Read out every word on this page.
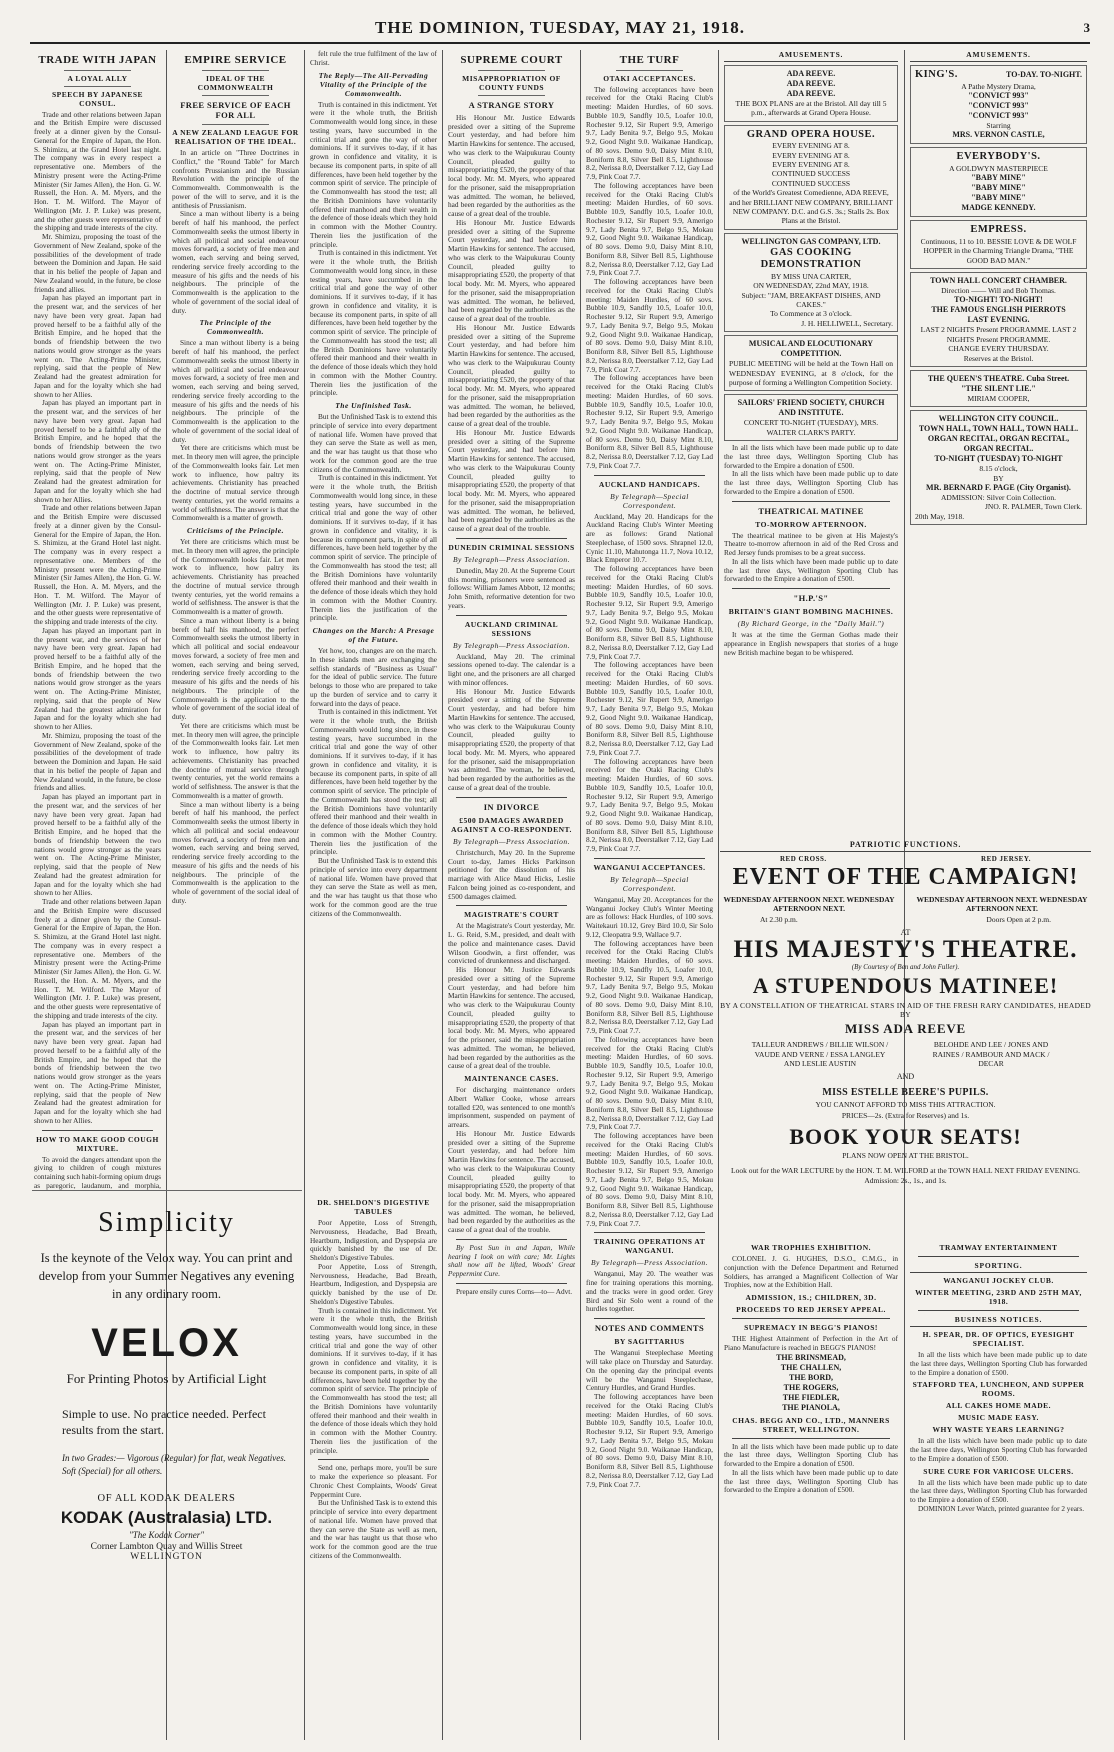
THE DOMINION, TUESDAY, MAY 21, 1918.	3
TRADE WITH JAPAN
A LOYAL ALLY
SPEECH BY JAPANESE CONSUL.

Trade and other relations between Japan and the British Empire were discussed freely at a dinner given by the Consul-General for the Empire of Japan, the Hon. S. Shimizu, at the Grand Hotel last night. The company was in every respect a representative one. Members of the Ministry present were the Acting-Prime Minister (Sir James Allen), the Hon. G. W. Russell, the Hon. A. M. Myers, and the Hon. T. M. Wilford. The Mayor of Wellington (Mr. J. P. Luke) was present, and the other guests were representative of the shipping and trade interests of the city.

Mr. Shimizu, proposing the toast of the Government of New Zealand, spoke of the possibilities of the development of trade between the Dominion and Japan. He said that in his belief the people of Japan and New Zealand would, in the future, be close friends and allies.

Japan has played an important part in the present war, and the services of her navy have been very great. Japan had proved herself to be a faithful ally of the British Empire, and he hoped that the bonds of friendship between the two nations would grow stronger as the years went on. The Acting-Prime Minister, replying, said that the people of New Zealand had the greatest admiration for Japan and for the loyalty which she had shown to her Allies.

Japan has played an important part in the present war, and the services of her navy have been very great. Japan had proved herself to be a faithful ally of the British Empire, and he hoped that the bonds of friendship between the two nations would grow stronger as the years went on. The Acting-Prime Minister, replying, said that the people of New Zealand had the greatest admiration for Japan and for the loyalty which she had shown to her Allies.

Trade and other relations between Japan and the British Empire were discussed freely at a dinner given by the Consul-General for the Empire of Japan, the Hon. S. Shimizu, at the Grand Hotel last night. The company was in every respect a representative one. Members of the Ministry present were the Acting-Prime Minister (Sir James Allen), the Hon. G. W. Russell, the Hon. A. M. Myers, and the Hon. T. M. Wilford. The Mayor of Wellington (Mr. J. P. Luke) was present, and the other guests were representative of the shipping and trade interests of the city.

Japan has played an important part in the present war, and the services of her navy have been very great. Japan had proved herself to be a faithful ally of the British Empire, and he hoped that the bonds of friendship between the two nations would grow stronger as the years went on. The Acting-Prime Minister, replying, said that the people of New Zealand had the greatest admiration for Japan and for the loyalty which she had shown to her Allies.

Mr. Shimizu, proposing the toast of the Government of New Zealand, spoke of the possibilities of the development of trade between the Dominion and Japan. He said that in his belief the people of Japan and New Zealand would, in the future, be close friends and allies.

Japan has played an important part in the present war, and the services of her navy have been very great. Japan had proved herself to be a faithful ally of the British Empire, and he hoped that the bonds of friendship between the two nations would grow stronger as the years went on. The Acting-Prime Minister, replying, said that the people of New Zealand had the greatest admiration for Japan and for the loyalty which she had shown to her Allies.

Trade and other relations between Japan and the British Empire were discussed freely at a dinner given by the Consul-General for the Empire of Japan, the Hon. S. Shimizu, at the Grand Hotel last night. The company was in every respect a representative one. Members of the Ministry present were the Acting-Prime Minister (Sir James Allen), the Hon. G. W. Russell, the Hon. A. M. Myers, and the Hon. T. M. Wilford. The Mayor of Wellington (Mr. J. P. Luke) was present, and the other guests were representative of the shipping and trade interests of the city.

Japan has played an important part in the present war, and the services of her navy have been very great. Japan had proved herself to be a faithful ally of the British Empire, and he hoped that the bonds of friendship between the two nations would grow stronger as the years went on. The Acting-Prime Minister, replying, said that the people of New Zealand had the greatest admiration for Japan and for the loyalty which she had shown to her Allies.

HOW TO MAKE GOOD COUGH MIXTURE.

To avoid the dangers attendant upon the giving to children of cough mixtures containing such habit-forming opium drugs as paregoric, laudanum, and morphia,

EMPIRE SERVICE
IDEAL OF THE COMMONWEALTH
FREE SERVICE OF EACH FOR ALL
A NEW ZEALAND LEAGUE FOR REALISATION OF THE IDEAL.

In an article on "Three Doctrines in Conflict," the "Round Table" for March confronts Prussianism and the Russian Revolution with the principle of the Commonwealth. Commonwealth is the power of the will to serve, and it is the antithesis of Prussianism.

Since a man without liberty is a being bereft of half his manhood, the perfect Commonwealth seeks the utmost liberty in which all political and social endeavour moves forward, a society of free men and women, each serving and being served, rendering service freely according to the measure of his gifts and the needs of his neighbours. The principle of the Commonwealth is the application to the whole of government of the social ideal of duty.

The Principle of the Commonwealth.

Since a man without liberty is a being bereft of half his manhood, the perfect Commonwealth seeks the utmost liberty in which all political and social endeavour moves forward, a society of free men and women, each serving and being served, rendering service freely according to the measure of his gifts and the needs of his neighbours. The principle of the Commonwealth is the application to the whole of government of the social ideal of duty.

Yet there are criticisms which must be met. In theory men will agree, the principle of the Commonwealth looks fair. Let men work to influence, how paltry its achievements. Christianity has preached the doctrine of mutual service through twenty centuries, yet the world remains a world of selfishness. The answer is that the Commonwealth is a matter of growth.

Criticisms of the Principle.

Yet there are criticisms which must be met. In theory men will agree, the principle of the Commonwealth looks fair. Let men work to influence, how paltry its achievements. Christianity has preached the doctrine of mutual service through twenty centuries, yet the world remains a world of selfishness. The answer is that the Commonwealth is a matter of growth.

Since a man without liberty is a being bereft of half his manhood, the perfect Commonwealth seeks the utmost liberty in which all political and social endeavour moves forward, a society of free men and women, each serving and being served, rendering service freely according to the measure of his gifts and the needs of his neighbours. The principle of the Commonwealth is the application to the whole of government of the social ideal of duty.

Yet there are criticisms which must be met. In theory men will agree, the principle of the Commonwealth looks fair. Let men work to influence, how paltry its achievements. Christianity has preached the doctrine of mutual service through twenty centuries, yet the world remains a world of selfishness. The answer is that the Commonwealth is a matter of growth.

Since a man without liberty is a being bereft of half his manhood, the perfect Commonwealth seeks the utmost liberty in which all political and social endeavour moves forward, a society of free men and women, each serving and being served, rendering service freely according to the measure of his gifts and the needs of his neighbours. The principle of the Commonwealth is the application to the whole of government of the social ideal of duty.

felt rule the true fulfilment of the law of Christ.

The Reply—The All-Pervading Vitality of the Principle of the Commonwealth.

Truth is contained in this indictment. Yet were it the whole truth, the British Commonwealth would long since, in these testing years, have succumbed in the critical trial and gone the way of other dominions. If it survives to-day, if it has grown in confidence and vitality, it is because its component parts, in spite of all differences, have been held together by the common spirit of service. The principle of the Commonwealth has stood the test; all the British Dominions have voluntarily offered their manhood and their wealth in the defence of those ideals which they hold in common with the Mother Country. Therein lies the justification of the principle.

Truth is contained in this indictment. Yet were it the whole truth, the British Commonwealth would long since, in these testing years, have succumbed in the critical trial and gone the way of other dominions. If it survives to-day, if it has grown in confidence and vitality, it is because its component parts, in spite of all differences, have been held together by the common spirit of service. The principle of the Commonwealth has stood the test; all the British Dominions have voluntarily offered their manhood and their wealth in the defence of those ideals which they hold in common with the Mother Country. Therein lies the justification of the principle.

The Unfinished Task.

But the Unfinished Task is to extend this principle of service into every department of national life. Women have proved that they can serve the State as well as men, and the war has taught us that those who work for the common good are the true citizens of the Commonwealth.

Truth is contained in this indictment. Yet were it the whole truth, the British Commonwealth would long since, in these testing years, have succumbed in the critical trial and gone the way of other dominions. If it survives to-day, if it has grown in confidence and vitality, it is because its component parts, in spite of all differences, have been held together by the common spirit of service. The principle of the Commonwealth has stood the test; all the British Dominions have voluntarily offered their manhood and their wealth in the defence of those ideals which they hold in common with the Mother Country. Therein lies the justification of the principle.

Changes on the March: A Presage of the Future.

Yet how, too, changes are on the march. In these islands men are exchanging the selfish standards of "Business as Usual" for the ideal of public service. The future belongs to those who are prepared to take up the burden of service and to carry it forward into the days of peace.

Truth is contained in this indictment. Yet were it the whole truth, the British Commonwealth would long since, in these testing years, have succumbed in the critical trial and gone the way of other dominions. If it survives to-day, if it has grown in confidence and vitality, it is because its component parts, in spite of all differences, have been held together by the common spirit of service. The principle of the Commonwealth has stood the test; all the British Dominions have voluntarily offered their manhood and their wealth in the defence of those ideals which they hold in common with the Mother Country. Therein lies the justification of the principle.

But the Unfinished Task is to extend this principle of service into every department of national life. Women have proved that they can serve the State as well as men, and the war has taught us that those who work for the common good are the true citizens of the Commonwealth.

Simplicity
Is the keynote of the Velox way. You can print and develop from your Summer Negatives any evening in any ordinary room.
VELOX
For Printing Photos by Artificial Light
Simple to use. No practice needed. Perfect results from the start.
In two Grades:— Vigorous (Regular) for flat, weak Negatives. Soft (Special) for all others.
OF ALL KODAK DEALERS
KODAK (Australasia) LTD.
"The Kodak Corner"
Corner Lambton Quay and Willis Street
WELLINGTON
DR. SHELDON'S DIGESTIVE TABULES

Poor Appetite, Loss of Strength, Nervousness, Headache, Bad Breath, Heartburn, Indigestion, and Dyspepsia are quickly banished by the use of Dr. Sheldon's Digestive Tabules.

Poor Appetite, Loss of Strength, Nervousness, Headache, Bad Breath, Heartburn, Indigestion, and Dyspepsia are quickly banished by the use of Dr. Sheldon's Digestive Tabules.

Truth is contained in this indictment. Yet were it the whole truth, the British Commonwealth would long since, in these testing years, have succumbed in the critical trial and gone the way of other dominions. If it survives to-day, if it has grown in confidence and vitality, it is because its component parts, in spite of all differences, have been held together by the common spirit of service. The principle of the Commonwealth has stood the test; all the British Dominions have voluntarily offered their manhood and their wealth in the defence of those ideals which they hold in common with the Mother Country. Therein lies the justification of the principle.

Send one, perhaps more, you'll be sure to make the experience so pleasant. For Chronic Chest Complaints, Woods' Great Peppermint Cure.

But the Unfinished Task is to extend this principle of service into every department of national life. Women have proved that they can serve the State as well as men, and the war has taught us that those who work for the common good are the true citizens of the Commonwealth.

SUPREME COURT
MISAPPROPRIATION OF COUNTY FUNDS
A STRANGE STORY

His Honour Mr. Justice Edwards presided over a sitting of the Supreme Court yesterday, and had before him Martin Hawkins for sentence. The accused, who was clerk to the Waipukurau County Council, pleaded guilty to misappropriating £520, the property of that local body. Mr. M. Myers, who appeared for the prisoner, said the misappropriation was admitted. The woman, he believed, had been regarded by the authorities as the cause of a great deal of the trouble.

His Honour Mr. Justice Edwards presided over a sitting of the Supreme Court yesterday, and had before him Martin Hawkins for sentence. The accused, who was clerk to the Waipukurau County Council, pleaded guilty to misappropriating £520, the property of that local body. Mr. M. Myers, who appeared for the prisoner, said the misappropriation was admitted. The woman, he believed, had been regarded by the authorities as the cause of a great deal of the trouble.

His Honour Mr. Justice Edwards presided over a sitting of the Supreme Court yesterday, and had before him Martin Hawkins for sentence. The accused, who was clerk to the Waipukurau County Council, pleaded guilty to misappropriating £520, the property of that local body. Mr. M. Myers, who appeared for the prisoner, said the misappropriation was admitted. The woman, he believed, had been regarded by the authorities as the cause of a great deal of the trouble.

His Honour Mr. Justice Edwards presided over a sitting of the Supreme Court yesterday, and had before him Martin Hawkins for sentence. The accused, who was clerk to the Waipukurau County Council, pleaded guilty to misappropriating £520, the property of that local body. Mr. M. Myers, who appeared for the prisoner, said the misappropriation was admitted. The woman, he believed, had been regarded by the authorities as the cause of a great deal of the trouble.

DUNEDIN CRIMINAL SESSIONS
By Telegraph—Press Association.

Dunedin, May 20. At the Supreme Court this morning, prisoners were sentenced as follows: William James Abbott, 12 months; John Smith, reformative detention for two years.

AUCKLAND CRIMINAL SESSIONS
By Telegraph—Press Association.

Auckland, May 20. The criminal sessions opened to-day. The calendar is a light one, and the prisoners are all charged with minor offences.

His Honour Mr. Justice Edwards presided over a sitting of the Supreme Court yesterday, and had before him Martin Hawkins for sentence. The accused, who was clerk to the Waipukurau County Council, pleaded guilty to misappropriating £520, the property of that local body. Mr. M. Myers, who appeared for the prisoner, said the misappropriation was admitted. The woman, he believed, had been regarded by the authorities as the cause of a great deal of the trouble.

IN DIVORCE
£500 DAMAGES AWARDED AGAINST A CO-RESPONDENT.
By Telegraph—Press Association.

Christchurch, May 20. In the Supreme Court to-day, James Hicks Parkinson petitioned for the dissolution of his marriage with Alice Maud Hicks, Leslie Falcon being joined as co-respondent, and £500 damages claimed.

MAGISTRATE'S COURT

At the Magistrate's Court yesterday, Mr. L. G. Reid, S.M., presided, and dealt with the police and maintenance cases. David Wilson Goodwin, a first offender, was convicted of drunkenness and discharged.

His Honour Mr. Justice Edwards presided over a sitting of the Supreme Court yesterday, and had before him Martin Hawkins for sentence. The accused, who was clerk to the Waipukurau County Council, pleaded guilty to misappropriating £520, the property of that local body. Mr. M. Myers, who appeared for the prisoner, said the misappropriation was admitted. The woman, he believed, had been regarded by the authorities as the cause of a great deal of the trouble.

MAINTENANCE CASES.

For discharging maintenance orders Albert Walker Cooke, whose arrears totalled £20, was sentenced to one month's imprisonment, suspended on payment of arrears.

His Honour Mr. Justice Edwards presided over a sitting of the Supreme Court yesterday, and had before him Martin Hawkins for sentence. The accused, who was clerk to the Waipukurau County Council, pleaded guilty to misappropriating £520, the property of that local body. Mr. M. Myers, who appeared for the prisoner, said the misappropriation was admitted. The woman, he believed, had been regarded by the authorities as the cause of a great deal of the trouble.

By Post Sun in and Japan, While hearing I look on with care; Mr. Lights shall now all be lifted, Woods' Great Peppermint Cure.

Prepare ensily cures Corns—to— Advt.

THE TURF
OTAKI ACCEPTANCES.

The following acceptances have been received for the Otaki Racing Club's meeting: Maiden Hurdles, of 60 sovs. Bubble 10.9, Sandfly 10.5, Loafer 10.0, Rochester 9.12, Sir Rupert 9.9, Amerigo 9.7, Lady Benita 9.7, Belgo 9.5, Mokau 9.2, Good Night 9.0. Waikanae Handicap, of 80 sovs. Demo 9.0, Daisy Mint 8.10, Boniform 8.8, Silver Bell 8.5, Lighthouse 8.2, Nerissa 8.0, Deerstalker 7.12, Gay Lad 7.9, Pink Coat 7.7.

The following acceptances have been received for the Otaki Racing Club's meeting: Maiden Hurdles, of 60 sovs. Bubble 10.9, Sandfly 10.5, Loafer 10.0, Rochester 9.12, Sir Rupert 9.9, Amerigo 9.7, Lady Benita 9.7, Belgo 9.5, Mokau 9.2, Good Night 9.0. Waikanae Handicap, of 80 sovs. Demo 9.0, Daisy Mint 8.10, Boniform 8.8, Silver Bell 8.5, Lighthouse 8.2, Nerissa 8.0, Deerstalker 7.12, Gay Lad 7.9, Pink Coat 7.7.

The following acceptances have been received for the Otaki Racing Club's meeting: Maiden Hurdles, of 60 sovs. Bubble 10.9, Sandfly 10.5, Loafer 10.0, Rochester 9.12, Sir Rupert 9.9, Amerigo 9.7, Lady Benita 9.7, Belgo 9.5, Mokau 9.2, Good Night 9.0. Waikanae Handicap, of 80 sovs. Demo 9.0, Daisy Mint 8.10, Boniform 8.8, Silver Bell 8.5, Lighthouse 8.2, Nerissa 8.0, Deerstalker 7.12, Gay Lad 7.9, Pink Coat 7.7.

The following acceptances have been received for the Otaki Racing Club's meeting: Maiden Hurdles, of 60 sovs. Bubble 10.9, Sandfly 10.5, Loafer 10.0, Rochester 9.12, Sir Rupert 9.9, Amerigo 9.7, Lady Benita 9.7, Belgo 9.5, Mokau 9.2, Good Night 9.0. Waikanae Handicap, of 80 sovs. Demo 9.0, Daisy Mint 8.10, Boniform 8.8, Silver Bell 8.5, Lighthouse 8.2, Nerissa 8.0, Deerstalker 7.12, Gay Lad 7.9, Pink Coat 7.7.

AUCKLAND HANDICAPS.
By Telegraph—Special Correspondent.

Auckland, May 20. Handicaps for the Auckland Racing Club's Winter Meeting are as follows: Grand National Steeplechase, of 1500 sovs. Shrapnel 12.0, Cynic 11.10, Mahutonga 11.7, Nova 10.12, Black Emperor 10.7.

The following acceptances have been received for the Otaki Racing Club's meeting: Maiden Hurdles, of 60 sovs. Bubble 10.9, Sandfly 10.5, Loafer 10.0, Rochester 9.12, Sir Rupert 9.9, Amerigo 9.7, Lady Benita 9.7, Belgo 9.5, Mokau 9.2, Good Night 9.0. Waikanae Handicap, of 80 sovs. Demo 9.0, Daisy Mint 8.10, Boniform 8.8, Silver Bell 8.5, Lighthouse 8.2, Nerissa 8.0, Deerstalker 7.12, Gay Lad 7.9, Pink Coat 7.7.

The following acceptances have been received for the Otaki Racing Club's meeting: Maiden Hurdles, of 60 sovs. Bubble 10.9, Sandfly 10.5, Loafer 10.0, Rochester 9.12, Sir Rupert 9.9, Amerigo 9.7, Lady Benita 9.7, Belgo 9.5, Mokau 9.2, Good Night 9.0. Waikanae Handicap, of 80 sovs. Demo 9.0, Daisy Mint 8.10, Boniform 8.8, Silver Bell 8.5, Lighthouse 8.2, Nerissa 8.0, Deerstalker 7.12, Gay Lad 7.9, Pink Coat 7.7.

The following acceptances have been received for the Otaki Racing Club's meeting: Maiden Hurdles, of 60 sovs. Bubble 10.9, Sandfly 10.5, Loafer 10.0, Rochester 9.12, Sir Rupert 9.9, Amerigo 9.7, Lady Benita 9.7, Belgo 9.5, Mokau 9.2, Good Night 9.0. Waikanae Handicap, of 80 sovs. Demo 9.0, Daisy Mint 8.10, Boniform 8.8, Silver Bell 8.5, Lighthouse 8.2, Nerissa 8.0, Deerstalker 7.12, Gay Lad 7.9, Pink Coat 7.7.

WANGANUI ACCEPTANCES.
By Telegraph—Special Correspondent.

Wanganui, May 20. Acceptances for the Wanganui Jockey Club's Winter Meeting are as follows: Hack Hurdles, of 100 sovs. Waitekauri 10.12, Grey Bird 10.0, Sir Solo 9.12, Cleopatra 9.9, Wallace 9.7.

The following acceptances have been received for the Otaki Racing Club's meeting: Maiden Hurdles, of 60 sovs. Bubble 10.9, Sandfly 10.5, Loafer 10.0, Rochester 9.12, Sir Rupert 9.9, Amerigo 9.7, Lady Benita 9.7, Belgo 9.5, Mokau 9.2, Good Night 9.0. Waikanae Handicap, of 80 sovs. Demo 9.0, Daisy Mint 8.10, Boniform 8.8, Silver Bell 8.5, Lighthouse 8.2, Nerissa 8.0, Deerstalker 7.12, Gay Lad 7.9, Pink Coat 7.7.

The following acceptances have been received for the Otaki Racing Club's meeting: Maiden Hurdles, of 60 sovs. Bubble 10.9, Sandfly 10.5, Loafer 10.0, Rochester 9.12, Sir Rupert 9.9, Amerigo 9.7, Lady Benita 9.7, Belgo 9.5, Mokau 9.2, Good Night 9.0. Waikanae Handicap, of 80 sovs. Demo 9.0, Daisy Mint 8.10, Boniform 8.8, Silver Bell 8.5, Lighthouse 8.2, Nerissa 8.0, Deerstalker 7.12, Gay Lad 7.9, Pink Coat 7.7.

The following acceptances have been received for the Otaki Racing Club's meeting: Maiden Hurdles, of 60 sovs. Bubble 10.9, Sandfly 10.5, Loafer 10.0, Rochester 9.12, Sir Rupert 9.9, Amerigo 9.7, Lady Benita 9.7, Belgo 9.5, Mokau 9.2, Good Night 9.0. Waikanae Handicap, of 80 sovs. Demo 9.0, Daisy Mint 8.10, Boniform 8.8, Silver Bell 8.5, Lighthouse 8.2, Nerissa 8.0, Deerstalker 7.12, Gay Lad 7.9, Pink Coat 7.7.

TRAINING OPERATIONS AT WANGANUI.
By Telegraph—Press Association.

Wanganui, May 20. The weather was fine for training operations this morning, and the tracks were in good order. Grey Bird and Sir Solo went a round of the hurdles together.

NOTES AND COMMENTS
BY SAGITTARIUS

The Wanganui Steeplechase Meeting will take place on Thursday and Saturday. On the opening day the principal events will be the Wanganui Steeplechase, Century Hurdles, and Grand Hurdles.

The following acceptances have been received for the Otaki Racing Club's meeting: Maiden Hurdles, of 60 sovs. Bubble 10.9, Sandfly 10.5, Loafer 10.0, Rochester 9.12, Sir Rupert 9.9, Amerigo 9.7, Lady Benita 9.7, Belgo 9.5, Mokau 9.2, Good Night 9.0. Waikanae Handicap, of 80 sovs. Demo 9.0, Daisy Mint 8.10, Boniform 8.8, Silver Bell 8.5, Lighthouse 8.2, Nerissa 8.0, Deerstalker 7.12, Gay Lad 7.9, Pink Coat 7.7.

AMUSEMENTS.
ADA REEVE.
ADA REEVE.
ADA REEVE.
THE BOX PLANS are at the Bristol. All day till 5 p.m., afterwards at Grand Opera House.
GRAND OPERA HOUSE.
EVERY EVENING AT 8.
EVERY EVENING AT 8.
EVERY EVENING AT 8.
CONTINUED SUCCESS
CONTINUED SUCCESS
of the World's Greatest Comedienne, ADA REEVE, and her BRILLIANT NEW COMPANY, BRILLIANT NEW COMPANY. D.C. and G.S. 3s.; Stalls 2s. Box Plans at the Bristol.
WELLINGTON GAS COMPANY, LTD.
GAS COOKING DEMONSTRATION
BY MISS UNA CARTER,
ON WEDNESDAY, 22nd MAY, 1918.
Subject: "JAM, BREAKFAST DISHES, AND CAKES."
To Commence at 3 o'clock.
J. H. HELLIWELL, Secretary.
MUSICAL AND ELOCUTIONARY COMPETITION.
PUBLIC MEETING will be held at the Town Hall on WEDNESDAY EVENING, at 8 o'clock, for the purpose of forming a Wellington Competition Society.
SAILORS' FRIEND SOCIETY, CHURCH AND INSTITUTE.
CONCERT TO-NIGHT (TUESDAY), MRS. WALTER CLARK'S PARTY.

In all the lists which have been made public up to date the last three days, Wellington Sporting Club has forwarded to the Empire a donation of £500.

In all the lists which have been made public up to date the last three days, Wellington Sporting Club has forwarded to the Empire a donation of £500.

THEATRICAL MATINEE
TO-MORROW AFTERNOON.

The theatrical matinee to be given at His Majesty's Theatre to-morrow afternoon in aid of the Red Cross and Red Jersey funds promises to be a great success.

In all the lists which have been made public up to date the last three days, Wellington Sporting Club has forwarded to the Empire a donation of £500.

"H.P.'S"
BRITAIN'S GIANT BOMBING MACHINES.
(By Richard George, in the "Daily Mail.")

It was at the time the German Gothas made their appearance in English newspapers that stories of a huge new British machine began to be whispered.

AMUSEMENTS.
KING'S.	TO-DAY. TO-NIGHT.
A Pathe Mystery Drama,
"CONVICT 993"
"CONVICT 993"
"CONVICT 993"
Starring
MRS. VERNON CASTLE,
EVERYBODY'S.
A GOLDWYN MASTERPIECE
"BABY MINE"
"BABY MINE"
"BABY MINE"
MADGE KENNEDY.
EMPRESS.
Continuous, 11 to 10. BESSIE LOVE & DE WOLF HOPPER in the Charming Triangle Drama, "THE GOOD BAD MAN."
TOWN HALL CONCERT CHAMBER.
Direction —— Will and Bob Thomas.
TO-NIGHT! TO-NIGHT!
THE FAMOUS ENGLISH PIERROTS
LAST EVENING.
LAST 2 NIGHTS Present PROGRAMME. LAST 2 NIGHTS Present PROGRAMME.
CHANGE EVERY THURSDAY.
Reserves at the Bristol.
THE QUEEN'S THEATRE. Cuba Street.
"THE SILENT LIE."
MIRIAM COOPER,
WELLINGTON CITY COUNCIL.
TOWN HALL, TOWN HALL, TOWN HALL.
ORGAN RECITAL, ORGAN RECITAL, ORGAN RECITAL.
TO-NIGHT (TUESDAY) TO-NIGHT
8.15 o'clock,
BY
MR. BERNARD F. PAGE (City Organist).
ADMISSION: Silver Coin Collection.
JNO. R. PALMER, Town Clerk.
20th May, 1918.
PATRIOTIC FUNCTIONS.
RED CROSS.	RED JERSEY.
EVENT OF THE CAMPAIGN!
WEDNESDAY AFTERNOON NEXT. WEDNESDAY AFTERNOON NEXT.
WEDNESDAY AFTERNOON NEXT. WEDNESDAY AFTERNOON NEXT.
At 2.30 p.m.	Doors Open at 2 p.m.
AT
HIS MAJESTY'S THEATRE.
(By Courtesy of Ben and John Fuller).
A STUPENDOUS MATINEE!
BY A CONSTELLATION OF THEATRICAL STARS IN AID OF THE FRESH RARY CANDIDATES, HEADED BY
MISS ADA REEVE
TALLEUR ANDREWS / BILLIE WILSON / VAUDE AND VERNE / ESSA LANGLEY AND LESLIE AUSTIN
BELOHDE AND LEE / JONES AND RAINES / RAMBOUR AND MACK / DECAR
AND
MISS ESTELLE BEERE'S PUPILS.
YOU CANNOT AFFORD TO MISS THIS ATTRACTION.
PRICES—2s. (Extra for Reserves) and 1s.
BOOK YOUR SEATS!
PLANS NOW OPEN AT THE BRISTOL.
Look out for the WAR LECTURE by the HON. T. M. WILFORD at the TOWN HALL NEXT FRIDAY EVENING. Admission: 2s., 1s., and 1s.
WAR TROPHIES EXHIBITION.

COLONEL J. G. HUGHES, D.S.O., C.M.G., in conjunction with the Defence Department and Returned Soldiers, has arranged a Magnificent Collection of War Trophies, now at the Exhibition Hall.

ADMISSION, 1S.; CHILDREN, 3D.
PROCEEDS TO RED JERSEY APPEAL.
SUPREMACY IN BEGG'S PIANOS!

THE Highest Attainment of Perfection in the Art of Piano Manufacture is reached in BEGG'S PIANOS!

THE BRINSMEAD,
THE CHALLEN,
THE BORD,
THE ROGERS,
THE FIEDLER,
THE PIANOLA,
CHAS. BEGG AND CO., LTD., MANNERS STREET, WELLINGTON.

In all the lists which have been made public up to date the last three days, Wellington Sporting Club has forwarded to the Empire a donation of £500.

In all the lists which have been made public up to date the last three days, Wellington Sporting Club has forwarded to the Empire a donation of £500.

TRAMWAY ENTERTAINMENT
SPORTING.
WANGANUI JOCKEY CLUB.
WINTER MEETING, 23RD AND 25TH MAY, 1918.
BUSINESS NOTICES.
H. SPEAR, DR. OF OPTICS, EYESIGHT SPECIALIST.

In all the lists which have been made public up to date the last three days, Wellington Sporting Club has forwarded to the Empire a donation of £500.

STAFFORD TEA, LUNCHEON, AND SUPPER ROOMS.
ALL CAKES HOME MADE.
MUSIC MADE EASY.
WHY WASTE YEARS LEARNING?

In all the lists which have been made public up to date the last three days, Wellington Sporting Club has forwarded to the Empire a donation of £500.

SURE CURE FOR VARICOSE ULCERS.

In all the lists which have been made public up to date the last three days, Wellington Sporting Club has forwarded to the Empire a donation of £500.

DOMINION Lever Watch, printed guarantee for 2 years.
